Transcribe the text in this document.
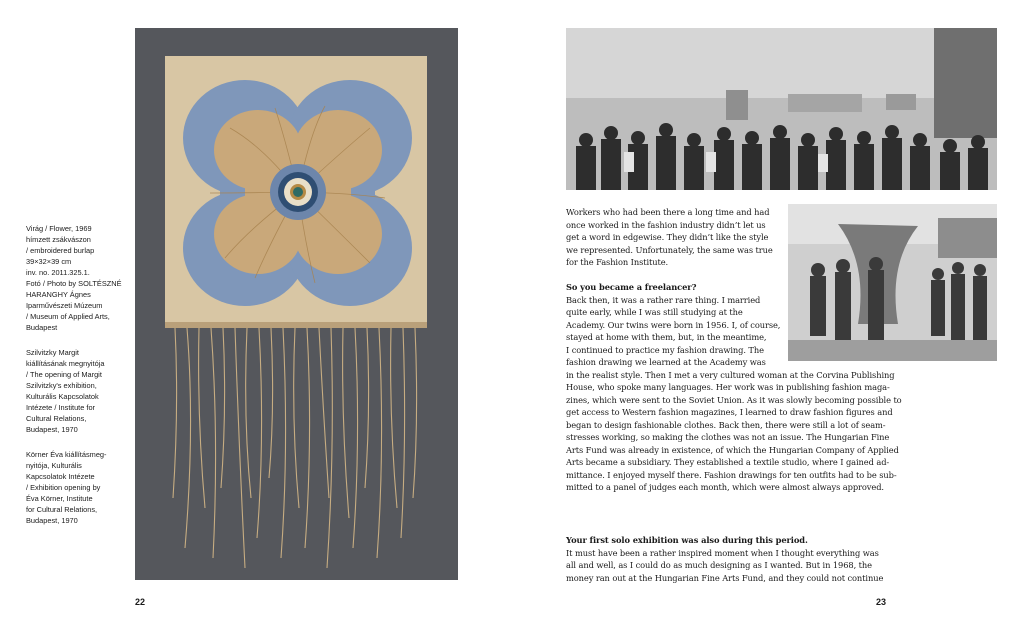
Virág / Flower, 1969
hímzett zsákvászon
/ embroidered burlap
39×32×39 cm
inv. no. 2011.325.1.
Fotó / Photo by SOLTÉSZNÉ
HARANGHY Ágnes
Iparművészeti Múzeum
/ Museum of Applied Arts,
Budapest
Szilvitzky Margit
kiállításának megnyitója
/ The opening of Margit
Szilvitzky's exhibition,
Kulturális Kapcsolatok
Intézete / Institute for
Cultural Relations,
Budapest, 1970
Körner Éva kiállításmeg-
nyitója, Kulturális
Kapcsolatok Intézete
/ Exhibition opening by
Éva Körner, Institute
for Cultural Relations,
Budapest, 1970
22
Workers who had been there a long time and had
once worked in the fashion industry didn’t let us
get a word in edgewise. They didn’t like the style
we represented. Unfortunately, the same was true
for the Fashion Institute.
So you became a freelancer?
Back then, it was a rather rare thing. I married
quite early, while I was still studying at the
Academy. Our twins were born in 1956. I, of course,
stayed at home with them, but, in the meantime,
I continued to practice my fashion drawing. The
fashion drawing we learned at the Academy was
in the realist style. Then I met a very cultured woman at the Corvina Publishing
House, who spoke many languages. Her work was in publishing fashion maga-
zines, which were sent to the Soviet Union. As it was slowly becoming possible to
get access to Western fashion magazines, I learned to draw fashion figures and
began to design fashionable clothes. Back then, there were still a lot of seam-
stresses working, so making the clothes was not an issue. The Hungarian Fine
Arts Fund was already in existence, of which the Hungarian Company of Applied
Arts became a subsidiary. They established a textile studio, where I gained ad-
mittance. I enjoyed myself there. Fashion drawings for ten outfits had to be sub-
mitted to a panel of judges each month, which were almost always approved.
Your first solo exhibition was also during this period.
It must have been a rather inspired moment when I thought everything was
all and well, as I could do as much designing as I wanted. But in 1968, the
money ran out at the Hungarian Fine Arts Fund, and they could not continue
23
